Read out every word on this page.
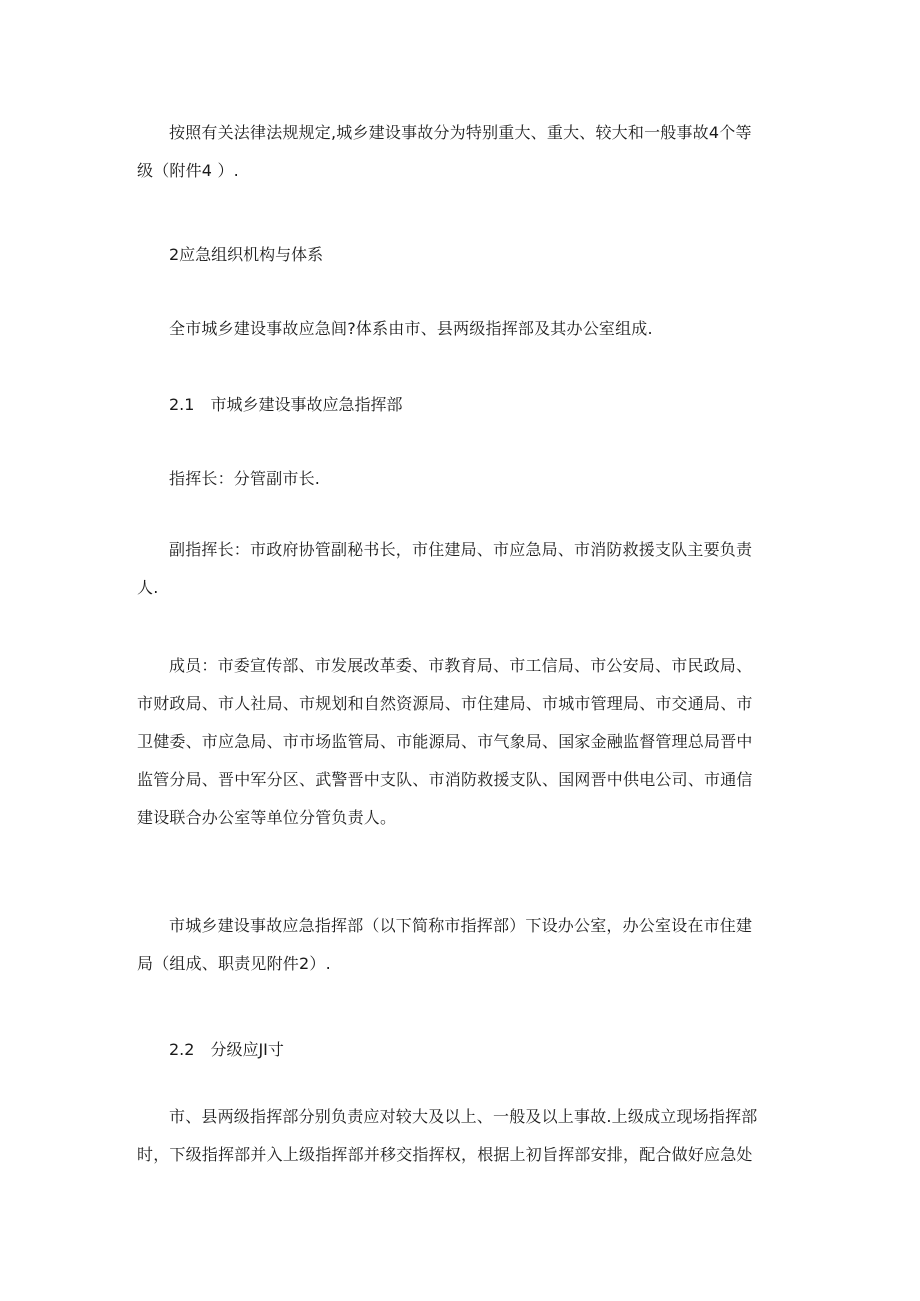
按照有关法律法规规定,城乡建设事故分为特别重大、重大、较大和一般事故4个等
级（附件4 ）.

2应急组织机构与体系

全市城乡建设事故应急闾?体系由市、县两级指挥部及其办公室组成.

2.1　市城乡建设事故应急指挥部

指挥长：分管副市长.

副指挥长：市政府协管副秘书长，市住建局、市应急局、市消防救援支队主要负责
人.

成员：市委宣传部、市发展改革委、市教育局、市工信局、市公安局、市民政局、
市财政局、市人社局、市规划和自然资源局、市住建局、市城市管理局、市交通局、市
卫健委、市应急局、市市场监管局、市能源局、市气象局、国家金融监督管理总局晋中
监管分局、晋中军分区、武警晋中支队、市消防救援支队、国网晋中供电公司、市通信
建设联合办公室等单位分管负责人。

市城乡建设事故应急指挥部（以下简称市指挥部）下设办公室，办公室设在市住建
局（组成、职责见附件2）.

2.2　分级应JI寸

市、县两级指挥部分别负责应对较大及以上、一般及以上事故.上级成立现场指挥部
时，下级指挥部并入上级指挥部并移交指挥权，根据上初旨挥部安排，配合做好应急处
